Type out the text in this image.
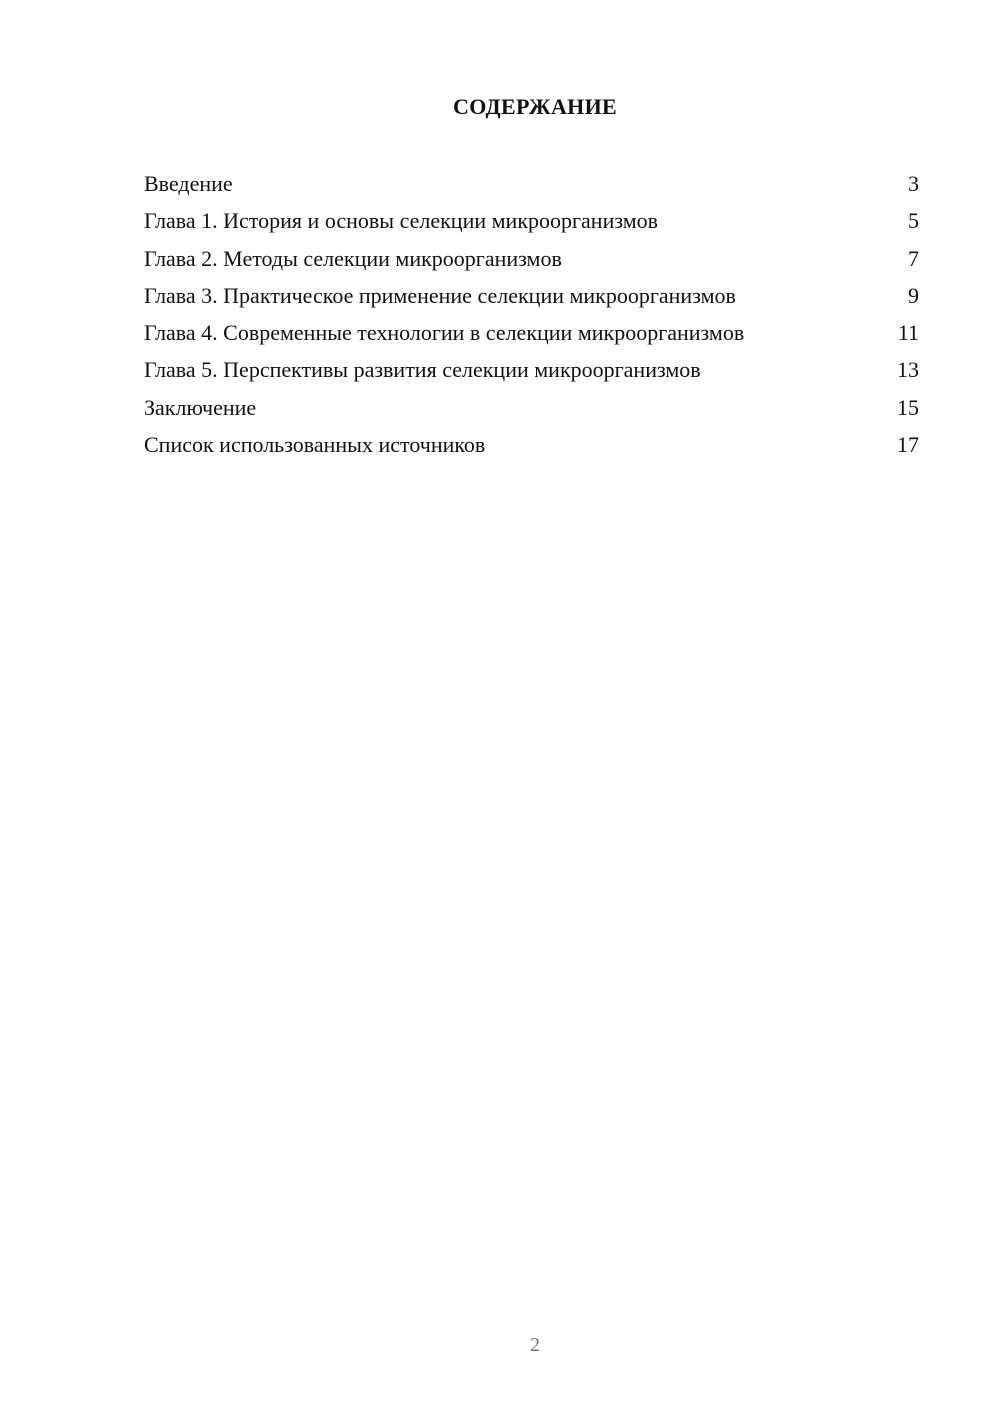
СОДЕРЖАНИЕ
Введение	3
Глава 1. История и основы селекции микроорганизмов	5
Глава 2. Методы селекции микроорганизмов	7
Глава 3. Практическое применение селекции микроорганизмов	9
Глава 4. Современные технологии в селекции микроорганизмов	11
Глава 5. Перспективы развития селекции микроорганизмов	13
Заключение	15
Список использованных источников	17
2
